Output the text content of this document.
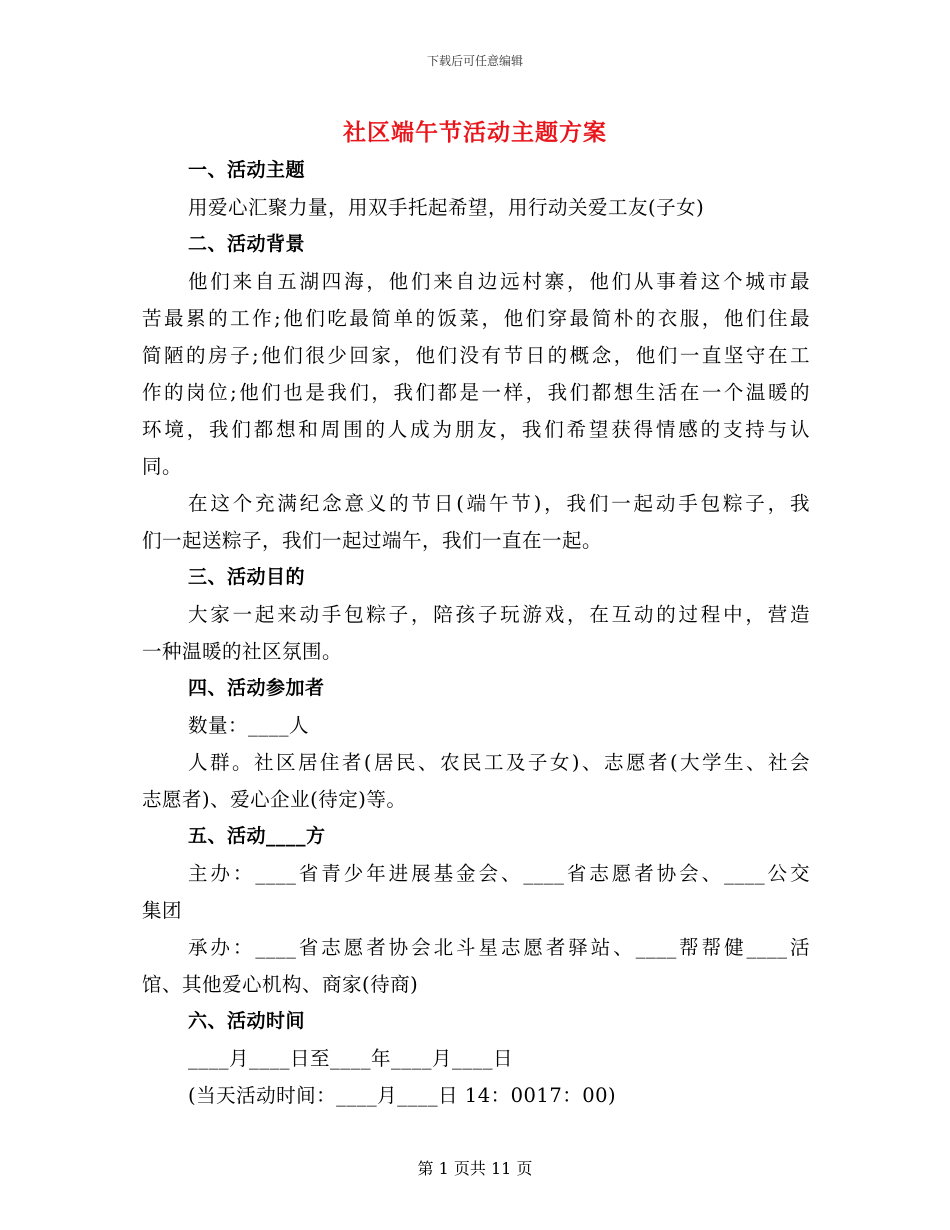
下载后可任意编辑
社区端午节活动主题方案
一、活动主题
用爱心汇聚力量，用双手托起希望，用行动关爱工友(子女)
二、活动背景
他们来自五湖四海，他们来自边远村寨，他们从事着这个城市最
苦最累的工作;他们吃最简单的饭菜，他们穿最简朴的衣服，他们住最
简陋的房子;他们很少回家，他们没有节日的概念，他们一直坚守在工
作的岗位;他们也是我们，我们都是一样，我们都想生活在一个温暖的
环境，我们都想和周围的人成为朋友，我们希望获得情感的支持与认
同。
在这个充满纪念意义的节日(端午节)，我们一起动手包粽子，我
们一起送粽子，我们一起过端午，我们一直在一起。
三、活动目的
大家一起来动手包粽子，陪孩子玩游戏，在互动的过程中，营造
一种温暖的社区氛围。
四、活动参加者
数量：____人
人群。社区居住者(居民、农民工及子女)、志愿者(大学生、社会
志愿者)、爱心企业(待定)等。
五、活动____方
主办：____省青少年进展基金会、____省志愿者协会、____公交
集团
承办：____省志愿者协会北斗星志愿者驿站、____帮帮健____活
馆、其他爱心机构、商家(待商)
六、活动时间
____月____日至____年____月____日
(当天活动时间：____月____日 14：0017：00)
第 1 页共 11 页
